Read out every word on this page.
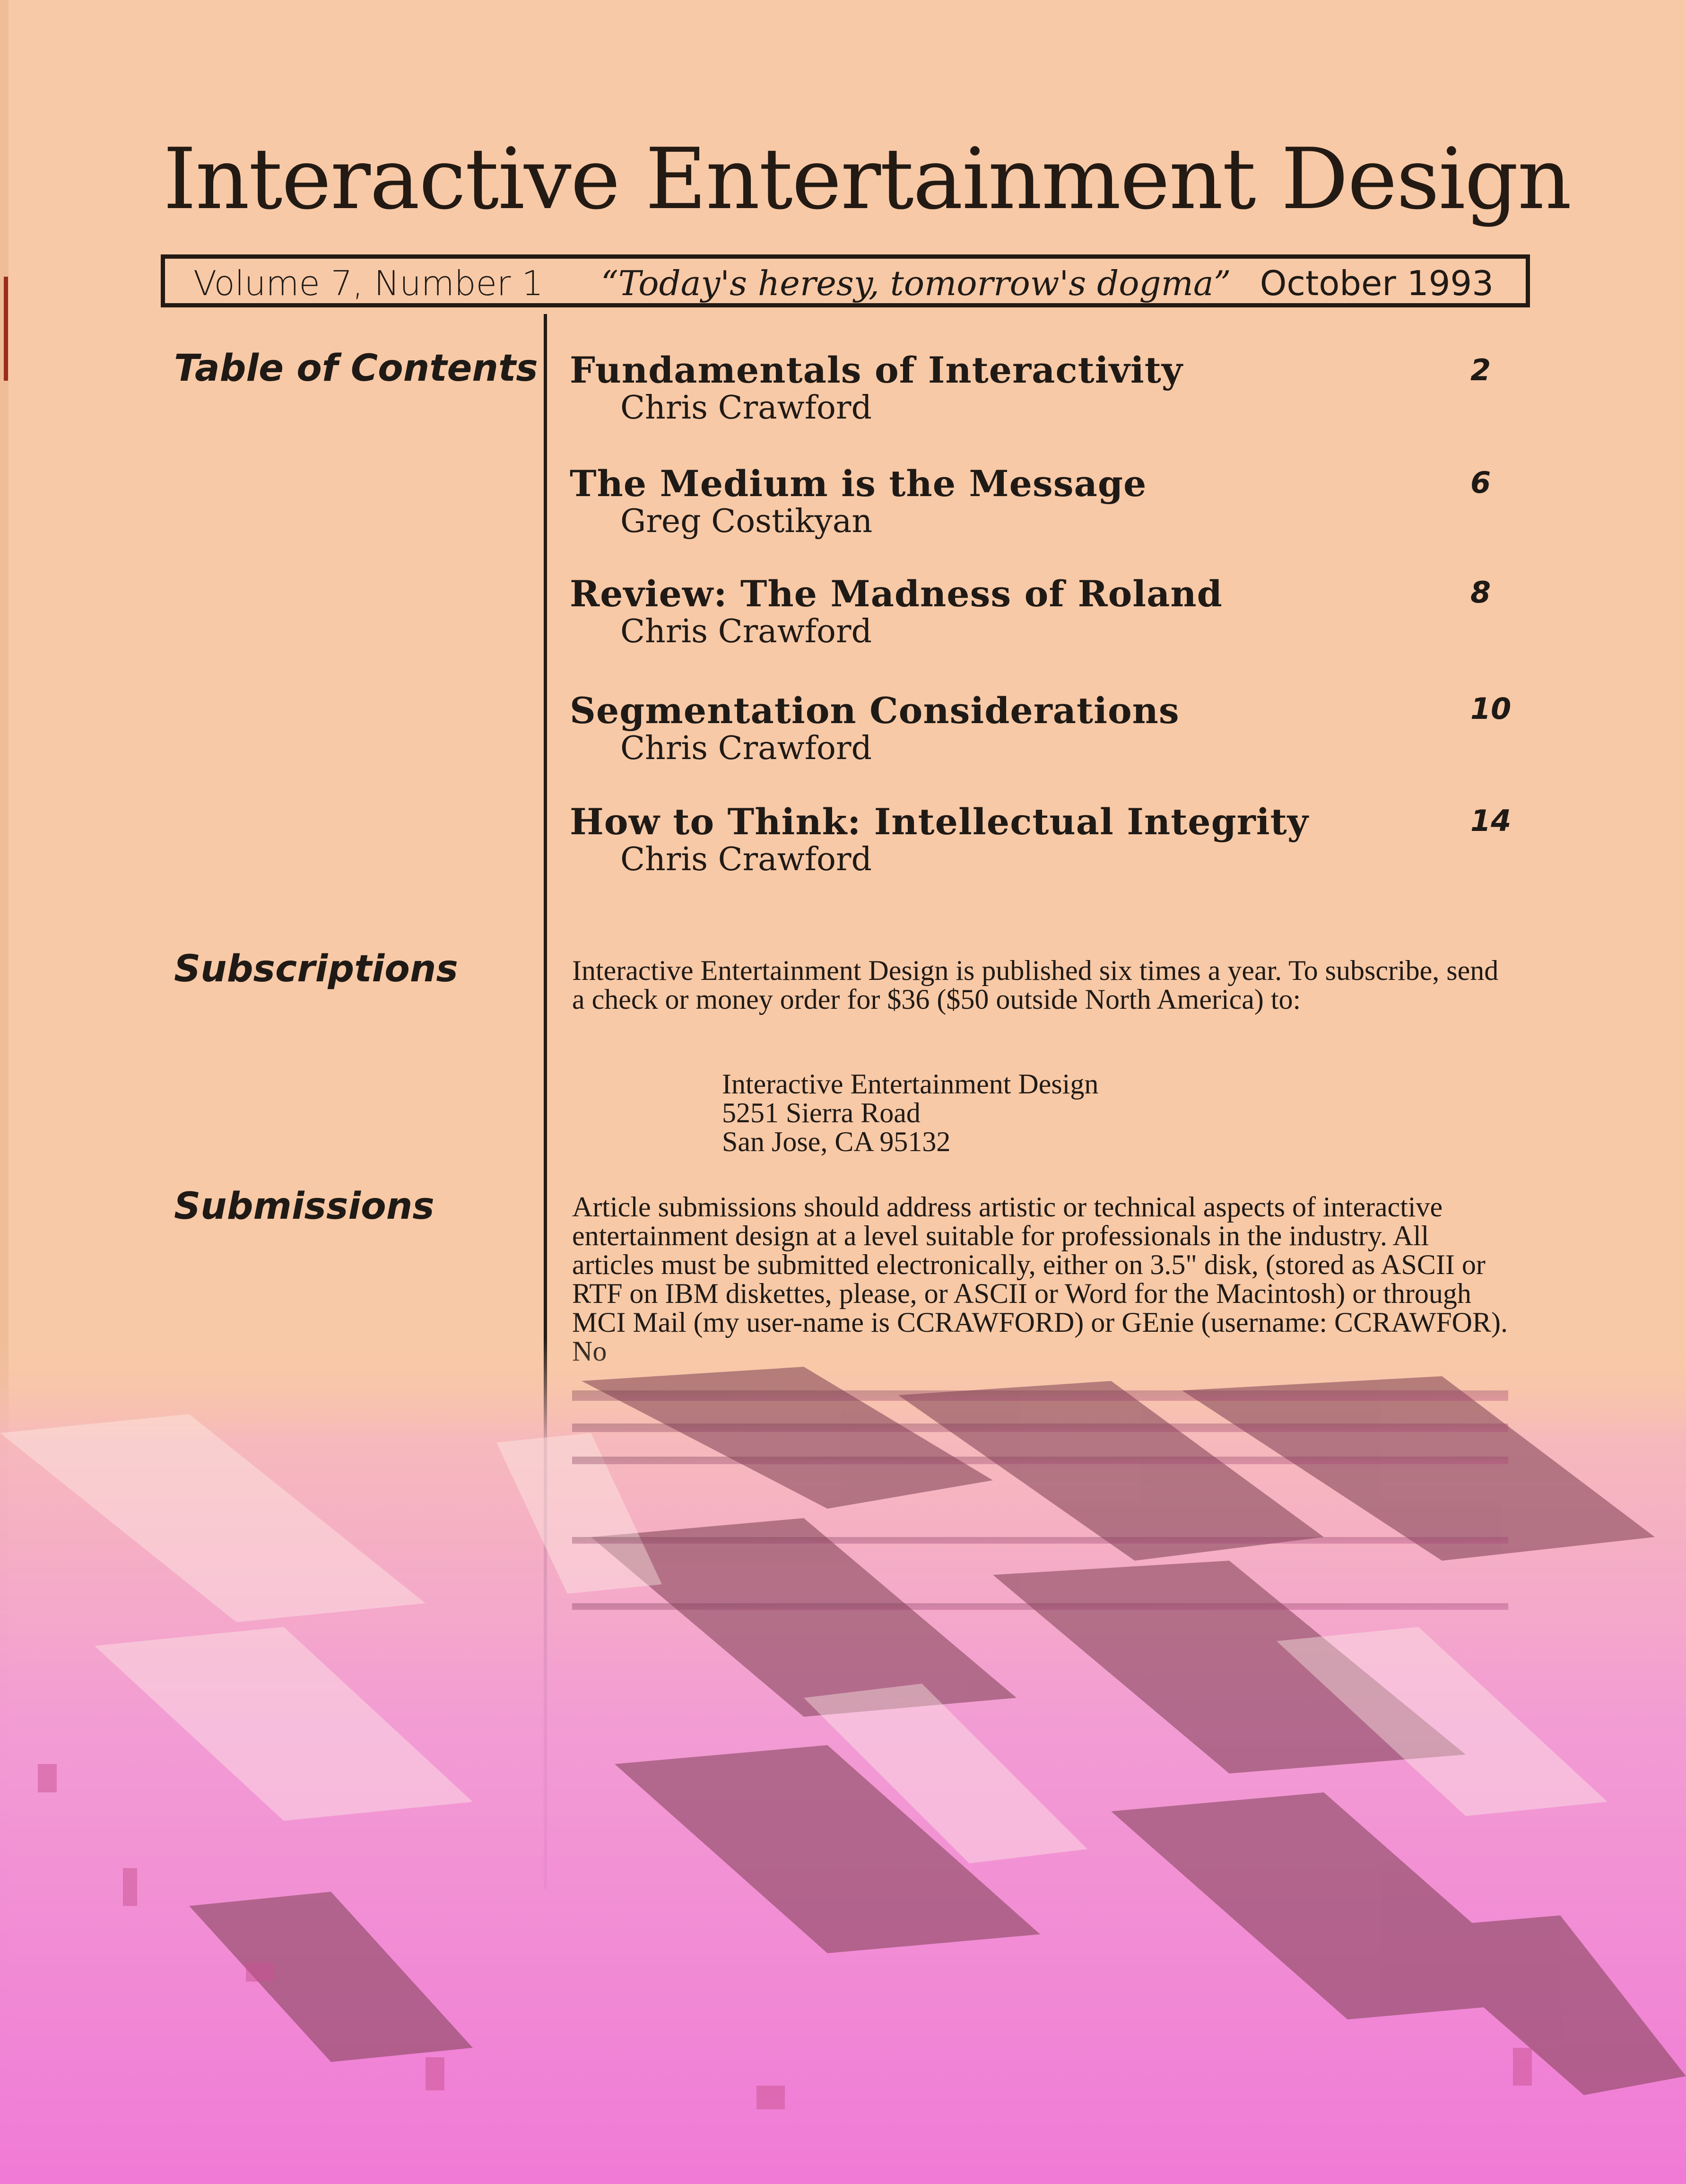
Interactive Entertainment Design
Volume 7, Number 1 “Today's heresy, tomorrow's dogma” October 1993
Table of Contents Fundamentals of Interactivity
Chris Crawford
2
The Medium is the Message
Greg Costikyan
6
Review: The Madness of Roland
Chris Crawford
8
Segmentation Considerations
Chris Crawford
10
How to Think: Intellectual Integrity
Chris Crawford
14
Subscriptions	Interactive Entertainment Design is published six times a year. To subscribe, send a check or money order for $36 ($50 outside North America) to:
Interactive Entertainment Design
5251 Sierra Road
San Jose, CA 95132
Submissions	Article submissions should address artistic or technical aspects of interactive entertainment design at a level suitable for professionals in the industry. All articles must be submitted electronically, either on 3.5" disk, (stored as ASCII or RTF on IBM diskettes, please, or ASCII or Word for the Macintosh) or through MCI Mail (my user-name is CCRAWFORD) or GEnie (username: CCRAWFOR).
